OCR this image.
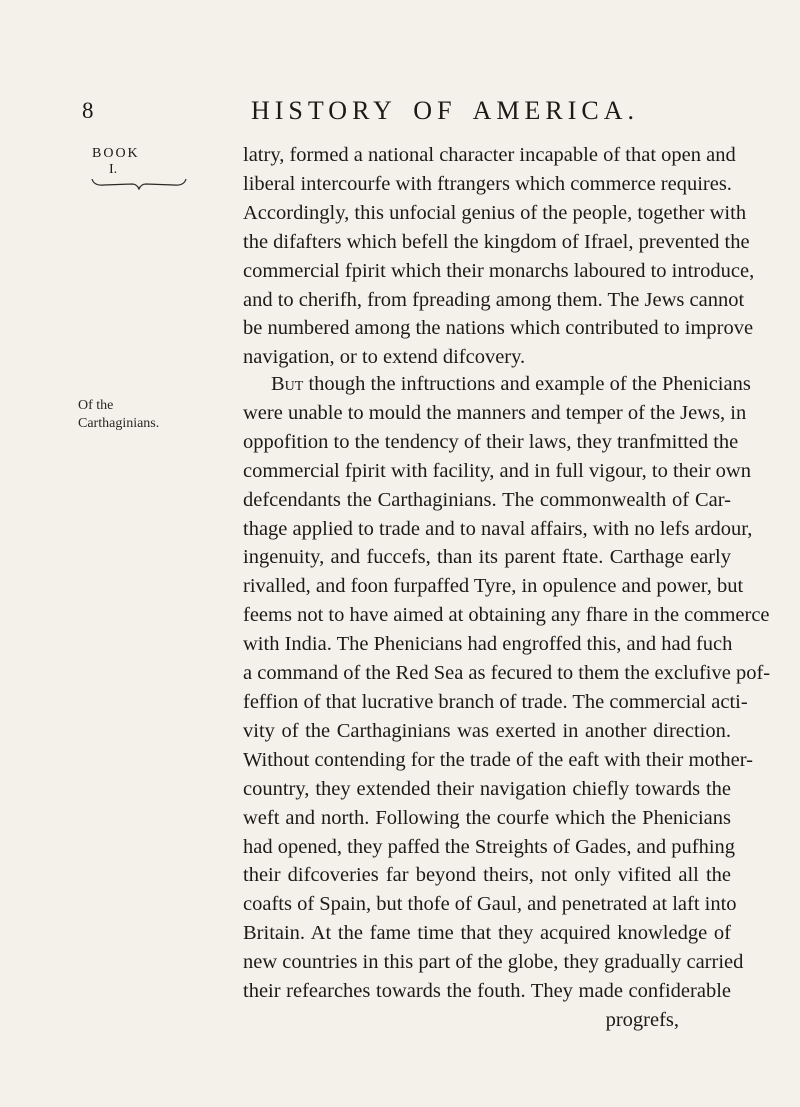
8	HISTORY OF AMERICA.
BOOK
I.
Of the Carthaginians.
latry, formed a national character incapable of that open and
liberal intercourfe with ftrangers which commerce requires.
Accordingly, this unfocial genius of the people, together with
the difafters which befell the kingdom of Ifrael, prevented the
commercial fpirit which their monarchs laboured to introduce,
and to cherifh, from fpreading among them. The Jews cannot
be numbered among the nations which contributed to improve
navigation, or to extend difcovery.
But though the inftructions and example of the Phenicians
were unable to mould the manners and temper of the Jews, in
oppofition to the tendency of their laws, they tranfmitted the
commercial fpirit with facility, and in full vigour, to their own
defcendants the Carthaginians. The commonwealth of Car-
thage applied to trade and to naval affairs, with no lefs ardour,
ingenuity, and fuccefs, than its parent ftate. Carthage early
rivalled, and foon furpaffed Tyre, in opulence and power, but
feems not to have aimed at obtaining any fhare in the commerce
with India. The Phenicians had engroffed this, and had fuch
a command of the Red Sea as fecured to them the exclufive pof-
feffion of that lucrative branch of trade. The commercial acti-
vity of the Carthaginians was exerted in another direction.
Without contending for the trade of the eaft with their mother-
country, they extended their navigation chiefly towards the
weft and north. Following the courfe which the Phenicians
had opened, they paffed the Streights of Gades, and pufhing
their difcoveries far beyond theirs, not only vifited all the
coafts of Spain, but thofe of Gaul, and penetrated at laft into
Britain. At the fame time that they acquired knowledge of
new countries in this part of the globe, they gradually carried
their refearches towards the fouth. They made confiderable
progrefs,
